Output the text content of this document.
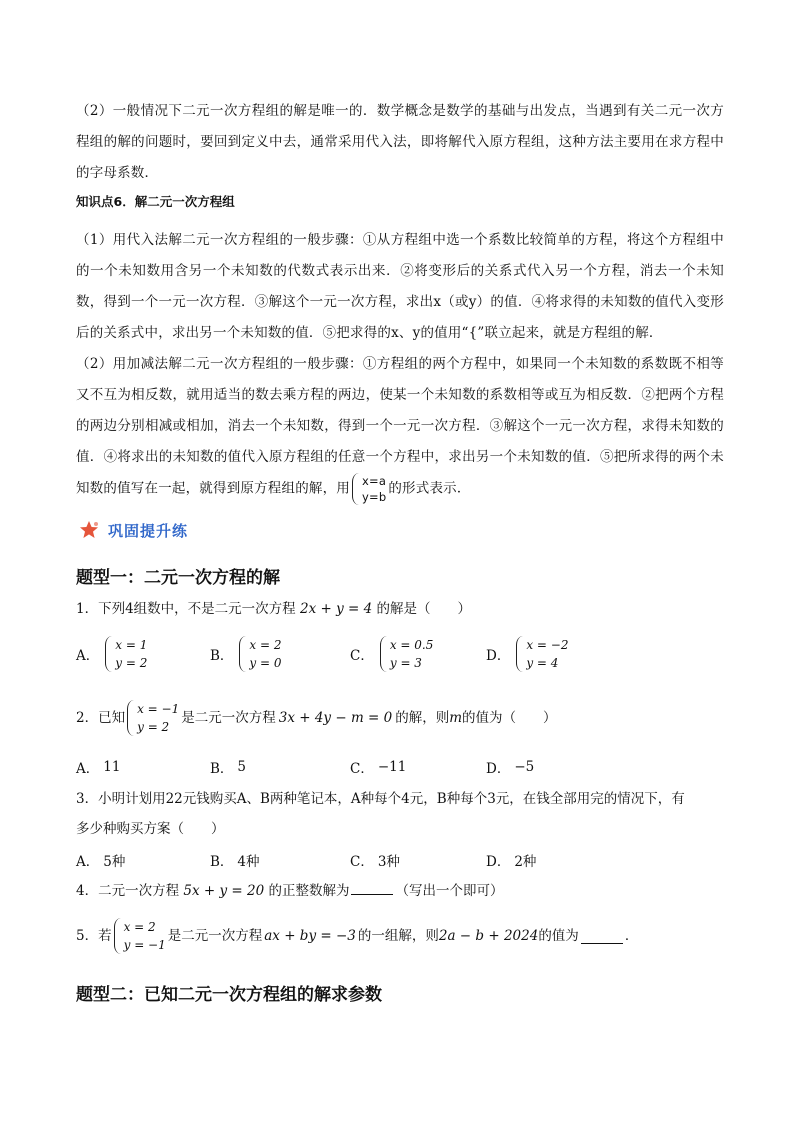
（2）一般情况下二元一次方程组的解是唯一的．数学概念是数学的基础与出发点，当遇到有关二元一次方程组的解的问题时，要回到定义中去，通常采用代入法，即将解代入原方程组，这种方法主要用在求方程中的字母系数．

知识点6．解二元一次方程组

（1）用代入法解二元一次方程组的一般步骤：①从方程组中选一个系数比较简单的方程，将这个方程组中的一个未知数用含另一个未知数的代数式表示出来．②将变形后的关系式代入另一个方程，消去一个未知数，得到一个一元一次方程．③解这个一元一次方程，求出x（或y）的值．④将求得的未知数的值代入变形后的关系式中，求出另一个未知数的值．⑤把求得的x、y的值用“{”联立起来，就是方程组的解．

（2）用加减法解二元一次方程组的一般步骤：①方程组的两个方程中，如果同一个未知数的系数既不相等又不互为相反数，就用适当的数去乘方程的两边，使某一个未知数的系数相等或互为相反数．②把两个方程的两边分别相减或相加，消去一个未知数，得到一个一元一次方程．③解这个一元一次方程，求得未知数的值．④将求出的未知数的值代入原方程组的任意一个方程中，求出另一个未知数的值．⑤把所求得的两个未知数的值写在一起，就得到原方程组的解，用 x=a
y=b
的形式表示．

巩固提升练
题型一：二元一次方程的解
1．下列4组数中，不是二元一次方程 2x + y = 4 的解是（　　）
A．
x = 1
y = 2	B．
x = 2
y = 0	C．
x = 0.5
y = 3	D．
x = −2
y = 4
2．已知
x = −1
y = 2
是二元一次方程 3x + 4y − m = 0 的解，则 m 的值为（　　）
A． 11	B． 5	C． −11	D． −5
3．小明计划用22元钱购买A、B两种笔记本，A种每个4元，B种每个3元，在钱全部用完的情况下，有
多少种购买方案（　　）
A． 5种	B． 4种	C． 3种	D． 2种
4．二元一次方程 5x + y = 20 的正整数解为	（写出一个即可）
5．若
x = 2
y = −1
是二元一次方程 ax + by = −3 的一组解，则 2a − b + 2024 的值为	．
题型二：已知二元一次方程组的解求参数
